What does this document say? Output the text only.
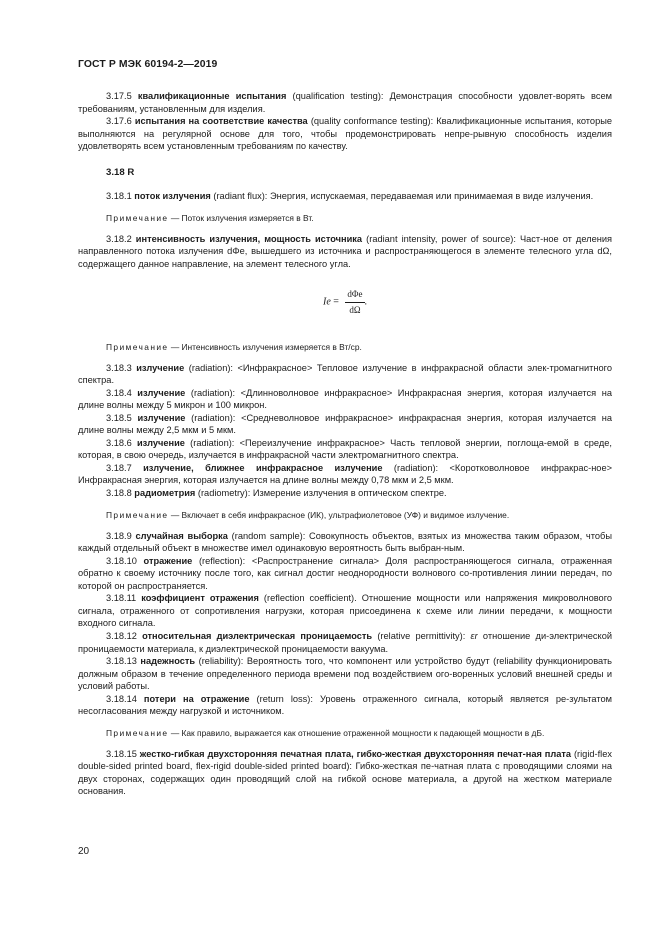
ГОСТ Р МЭК 60194-2—2019

3.17.5 квалификационные испытания (qualification testing): Демонстрация способности удовлет-ворять всем требованиям, установленным для изделия.

3.17.6 испытания на соответствие качества (quality conformance testing): Квалификационные испытания, которые выполняются на регулярной основе для того, чтобы продемонстрировать непре-рывную способность изделия удовлетворять всем установленным требованиям по качеству.

3.18 R

3.18.1 поток излучения (radiant flux): Энергия, испускаемая, передаваемая или принимаемая в виде излучения.

Примечание — Поток излучения измеряется в Вт.

3.18.2 интенсивность излучения, мощность источника (radiant intensity, power of source): Част-ное от деления направленного потока излучения dΦe, вышедшего из источника и распространяющегося в элементе телесного угла dΩ, содержащего данное направление, на элемент телесного угла.

$Ie = \frac{\text{dΦe}}{d\Omega}$ .

Примечание — Интенсивность излучения измеряется в Вт/ср.

3.18.3 излучение (radiation): <Инфракрасное> Тепловое излучение в инфракрасной области элек-тромагнитного спектра.

3.18.4 излучение (radiation): <Длинноволновое инфракрасное> Инфракрасная энергия, которая излучается на длине волны между 5 микрон и 100 микрон.

3.18.5 излучение (radiation): <Средневолновое инфракрасное> инфракрасная энергия, которая излучается на длине волны между 2,5 мкм и 5 мкм.

3.18.6 излучение (radiation): <Переизлучение инфракрасное> Часть тепловой энергии, поглоща-емой в среде, которая, в свою очередь, излучается в инфракрасной части электромагнитного спектра.

3.18.7 излучение, ближнее инфракрасное излучение (radiation): <Коротковолновое инфракрас-ное> Инфракрасная энергия, которая излучается на длине волны между 0,78 мкм и 2,5 мкм.

3.18.8 радиометрия (radiometry): Измерение излучения в оптическом спектре.

Примечание — Включает в себя инфракрасное (ИК), ультрафиолетовое (УФ) и видимое излучение.

3.18.9 случайная выборка (random sample): Совокупность объектов, взятых из множества таким образом, чтобы каждый отдельный объект в множестве имел одинаковую вероятность быть выбран-ным.

3.18.10 отражение (reflection): <Распространение сигнала> Доля распространяющегося сигнала, отраженная обратно к своему источнику после того, как сигнал достиг неоднородности волнового со-противления линии передач, по которой он распространяется.

3.18.11 коэффициент отражения (reflection coefficient). Отношение мощности или напряжения микроволнового сигнала, отраженного от сопротивления нагрузки, которая присоединена к схеме или линии передачи, к мощности входного сигнала.

3.18.12 относительная диэлектрическая проницаемость (relative permittivity): εr отношение ди-электрической проницаемости материала, к диэлектрической проницаемости вакуума.

3.18.13 надежность (reliability): Вероятность того, что компонент или устройство будут (reliability функционировать должным образом в течение определенного периода времени под воздействием ого-воренных условий внешней среды и условий работы.

3.18.14 потери на отражение (return loss): Уровень отраженного сигнала, который является ре-зультатом несогласования между нагрузкой и источником.

Примечание — Как правило, выражается как отношение отраженной мощности к падающей мощности в дБ.

3.18.15 жестко-гибкая двухсторонняя печатная плата, гибко-жесткая двухсторонняя печат-ная плата (rigid-flex double-sided printed board, flex-rigid double-sided printed board): Гибко-жесткая пе-чатная плата с проводящими слоями на двух сторонах, содержащих один проводящий слой на гибкой основе материала, а другой на жестком материале основания.

20
